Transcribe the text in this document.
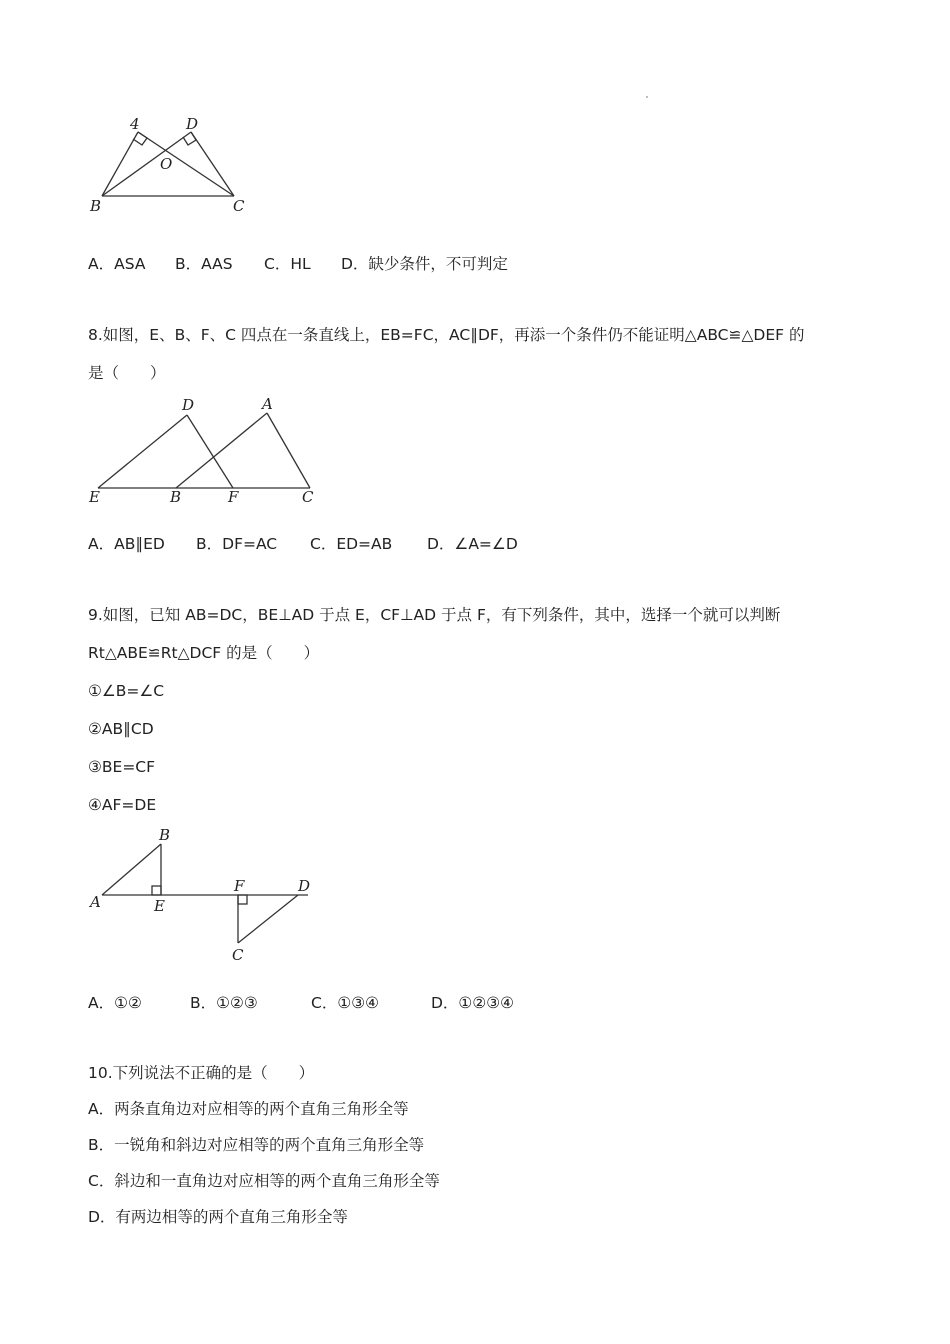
4	D
O
B	C
A．ASA B．AAS C．HL D．缺少条件，不可判定
8.如图，E、B、F、C 四点在一条直线上，EB=FC，AC∥DF，再添一个条件仍不能证明△ABC≌△DEF 的
是（　　）
D	A
E	B	F	C
A．AB∥ED B．DF=AC C．ED=AB D．∠A=∠D
9.如图，已知 AB=DC，BE⊥AD 于点 E，CF⊥AD 于点 F，有下列条件，其中，选择一个就可以判断
Rt△ABE≌Rt△DCF 的是（　　）
①∠B=∠C
②AB∥CD
③BE=CF
④AF=DE
B
A	E
F	D
C
A．①②	B．①②③	C．①③④	D．①②③④
10.下列说法不正确的是（　　）
A．两条直角边对应相等的两个直角三角形全等
B．一锐角和斜边对应相等的两个直角三角形全等
C．斜边和一直角边对应相等的两个直角三角形全等
D．有两边相等的两个直角三角形全等
